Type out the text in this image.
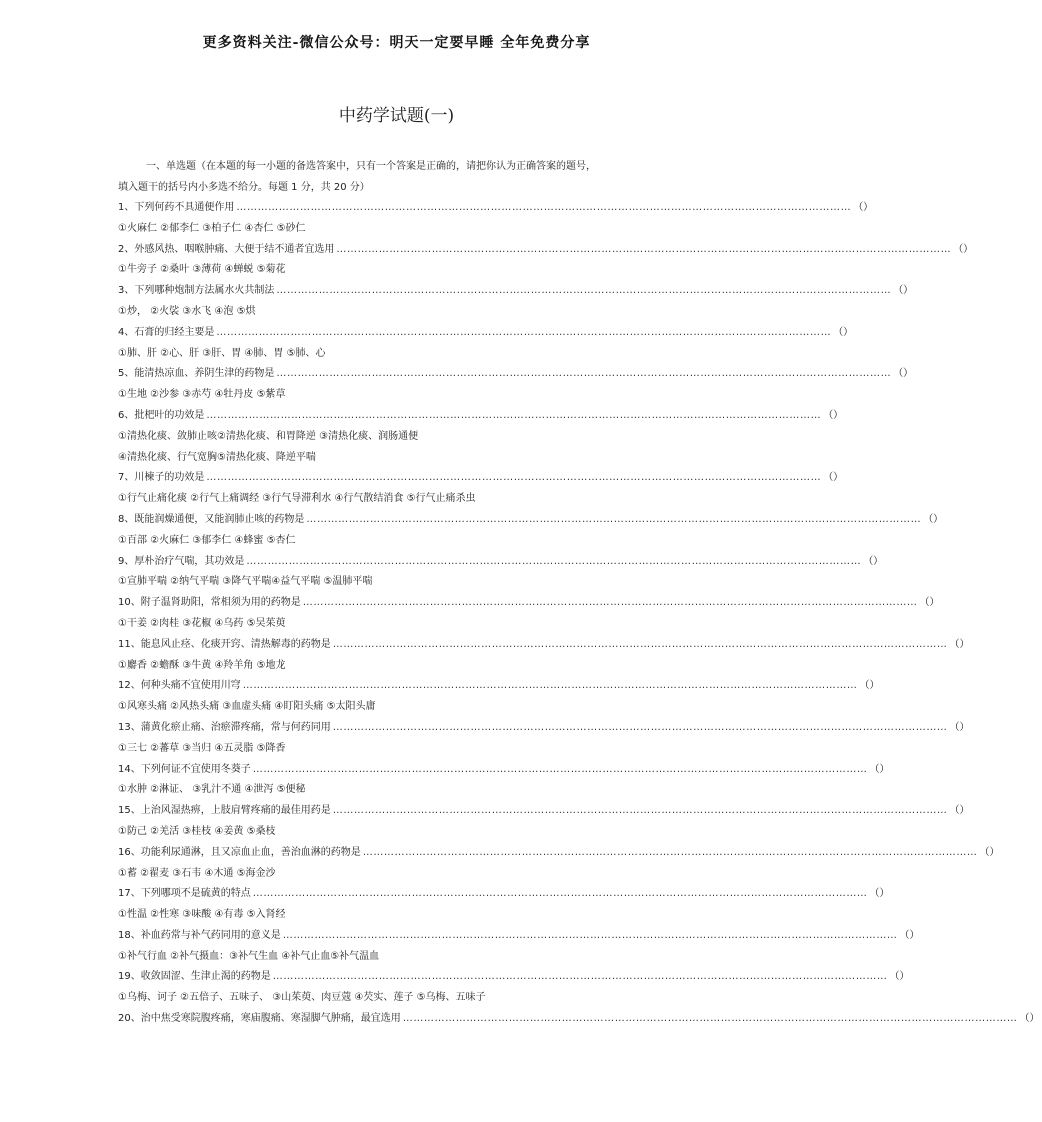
更多资料关注-微信公众号：明天一定要早睡 全年免费分享
中药学试题(一)
一、单选题（在本题的每一小题的备选答案中，只有一个答案是正确的，请把你认为正确答案的题号，
填入题干的括号内小多选不给分。每题 1 分，共 20 分）
1、下列何药不具通便作用 ………………………………………………………………………………………………………………………………………………………… （）
①火麻仁 ②郁李仁 ③柏子仁 ④杏仁 ⑤砂仁
2、外感风热、咽喉肿痛、大便于结不通者宜选用 ………………………………………………………………………………………………………………………………………………………… （）
①牛旁子 ②桑叶 ③薄荷 ④蝉蜕 ⑤菊花
3、下列哪种炮制方法属水火共制法 ………………………………………………………………………………………………………………………………………………………… （）
①炒， ②火裟 ③水飞 ④泡 ⑤烘
4、石膏的归经主要是 ………………………………………………………………………………………………………………………………………………………… （）
①肺、肝 ②心、肝 ③肝、胃 ④肺、胃 ⑤肺、心
5、能清热凉血、养阴生津的药物是 ………………………………………………………………………………………………………………………………………………………… （）
①生地 ②沙参 ③赤芍 ④牡丹皮 ⑤紫草
6、批杷叶的功效是 ………………………………………………………………………………………………………………………………………………………… （）
①清热化痰、敛肺止咳②清热化痰、和胃降逆 ③清热化痰、润肠通便
④清热化痰、行气宽胸⑤清热化痰、降逆平喘
7、川楝子的功效是 ………………………………………………………………………………………………………………………………………………………… （）
①行气止痛化痰 ②行气上痛调经 ③行气导滞利水 ④行气散结消食 ⑤行气止痛杀虫
8、既能润燥通便，又能润肺止咳的药物是 ………………………………………………………………………………………………………………………………………………………… （）
①百部 ②火麻仁 ③郁李仁 ④蜂蜜 ⑤杏仁
9、厚朴治疗气喘，其功效是 ………………………………………………………………………………………………………………………………………………………… （）
①宣肺平喘 ②纳气平喘 ③降气平喘④益气平喘 ⑤温肺平喘
10、附子温肾助阳，常相须为用的药物是 ………………………………………………………………………………………………………………………………………………………… （）
①干姜 ②肉桂 ③花椒 ④乌药 ⑤吴茱萸
11、能息风止痉、化痰开窍、清热解毒的药物是 ………………………………………………………………………………………………………………………………………………………… （）
①麝香 ②蟾酥 ③牛黄 ④羚羊角 ⑤地龙
12、何种头痛不宜使用川穹 ………………………………………………………………………………………………………………………………………………………… （）
①风寒头痛 ②风热头痛 ③血虚头痛 ④盯阳头痛 ⑤太阳头庸
13、蒲黄化瘀止痛、治瘀滞疼痛，常与何药同用 ………………………………………………………………………………………………………………………………………………………… （）
①三七 ②蕃草 ③当归 ④五灵脂 ⑤降香
14、下列何证不宜使用冬葵子 ………………………………………………………………………………………………………………………………………………………… （）
①水肿 ②淋证、 ③乳汁不通 ④泄泻 ⑤便秘
15、上治风湿热痹，上肢肩臂疼痛的最佳用药是 ………………………………………………………………………………………………………………………………………………………… （）
①防己 ②羌活 ③桂枝 ④姜黄 ⑤桑枝
16、功能利尿通淋，且又凉血止血，善治血淋的药物是 ………………………………………………………………………………………………………………………………………………………… （）
①蓄 ②翟麦 ③石韦 ④木通 ⑤海金沙
17、下列哪项不是硫黄的特点 ………………………………………………………………………………………………………………………………………………………… （）
①性温 ②性寒 ③味酸 ④有毒 ⑤入肾经
18、补血药常与补气药同用的意义是 ………………………………………………………………………………………………………………………………………………………… （）
①补气行血 ②补气摄血：③补气生血 ④补气止血⑤补气温血
19、收敛固涩、生津止渴的药物是 ………………………………………………………………………………………………………………………………………………………… （）
①乌梅、诃子 ②五倍子、五味子、 ③山茱萸、肉豆蔻 ④芡实、莲子 ⑤乌梅、五味子
20、治中焦受寒院腹疼痛，寒庙腹痛、寒湿脚气肿痛，最宜选用 ………………………………………………………………………………………………………………………………………………………… （）
